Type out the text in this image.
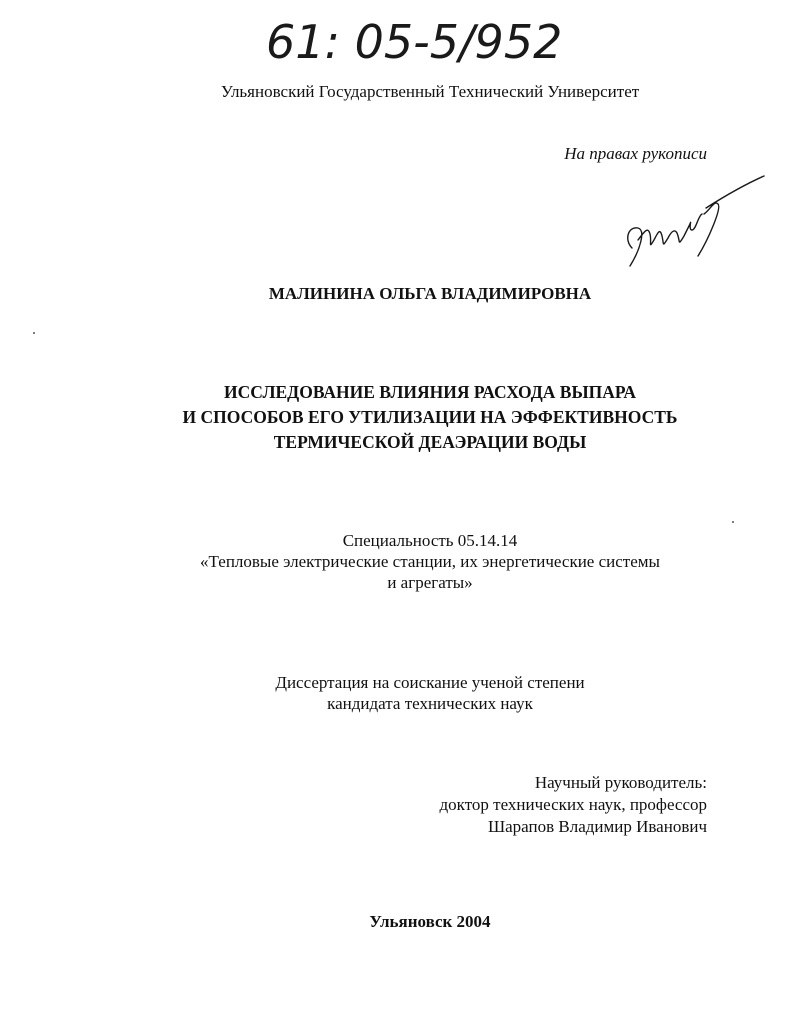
61: 05-5/952
Ульяновский Государственный Технический Университет
На правах рукописи
МАЛИНИНА ОЛЬГА ВЛАДИМИРОВНА
ИССЛЕДОВАНИЕ ВЛИЯНИЯ РАСХОДА ВЫПАРА
И СПОСОБОВ ЕГО УТИЛИЗАЦИИ НА ЭФФЕКТИВНОСТЬ
ТЕРМИЧЕСКОЙ ДЕАЭРАЦИИ ВОДЫ
Специальность 05.14.14
«Тепловые электрические станции, их энергетические системы
и агрегаты»
Диссертация на соискание ученой степени
кандидата технических наук
Научный руководитель:
доктор технических наук, профессор
Шарапов Владимир Иванович
Ульяновск 2004
